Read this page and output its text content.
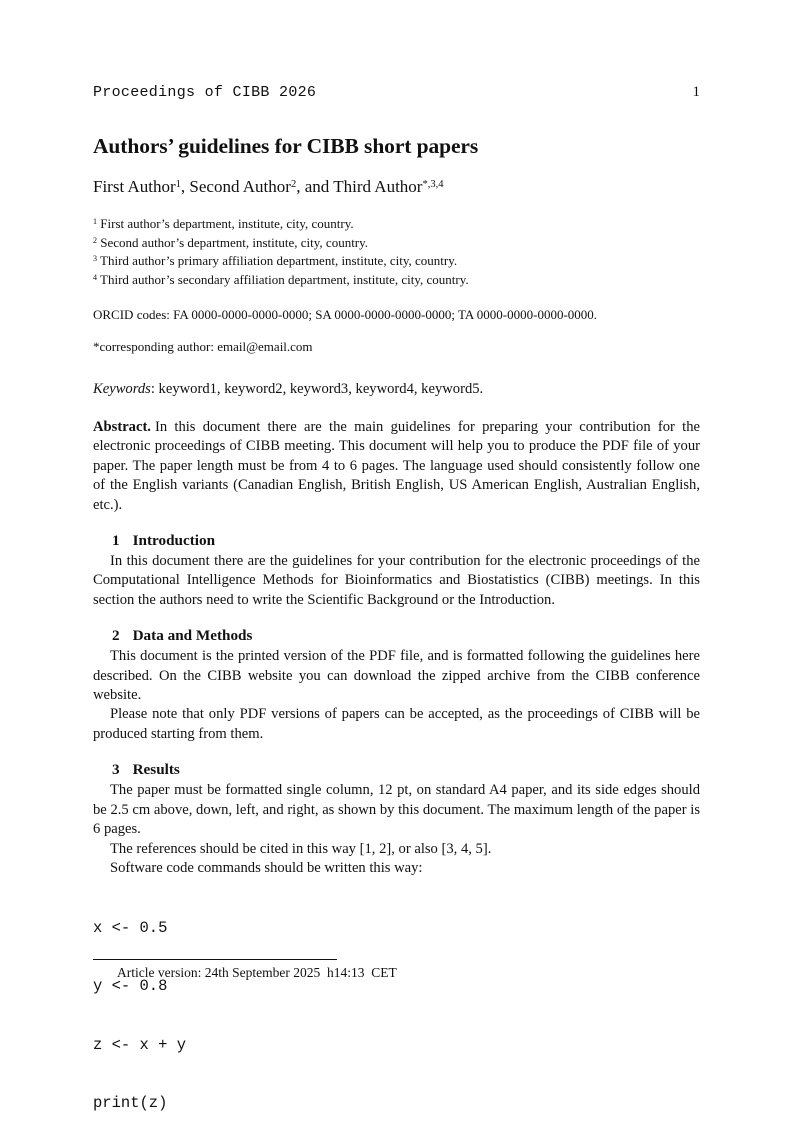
Proceedings of CIBB 2026	1
Authors’ guidelines for CIBB short papers
First Author$^1$, Second Author$^2$, and Third Author$^{*,3,4}$
$^1$ First author’s department, institute, city, country.
$^2$ Second author’s department, institute, city, country.
$^3$ Third author’s primary affiliation department, institute, city, country.
$^4$ Third author’s secondary affiliation department, institute, city, country.
ORCID codes: FA 0000-0000-0000-0000; SA 0000-0000-0000-0000; TA 0000-0000-0000-0000.
*corresponding author: email@email.com
Keywords: keyword1, keyword2, keyword3, keyword4, keyword5.
Abstract. In this document there are the main guidelines for preparing your contribution for the electronic proceedings of CIBB meeting. This document will help you to produce the PDF file of your paper. The paper length must be from 4 to 6 pages. The language used should consistently follow one of the English variants (Canadian English, British English, US American English, Australian English, etc.).
1 Introduction
In this document there are the guidelines for your contribution for the electronic proceedings of the Computational Intelligence Methods for Bioinformatics and Biostatistics (CIBB) meetings. In this section the authors need to write the Scientific Background or the Introduction.
2 Data and Methods
This document is the printed version of the PDF file, and is formatted following the guidelines here described. On the CIBB website you can download the zipped archive from the CIBB conference website.
Please note that only PDF versions of papers can be accepted, as the proceedings of CIBB will be produced starting from them.
3 Results
The paper must be formatted single column, 12 pt, on standard A4 paper, and its side edges should be 2.5 cm above, down, left, and right, as shown by this document. The maximum length of the paper is 6 pages.
The references should be cited in this way [1, 2], or also [3, 4, 5].
Software code commands should be written this way:

x <- 0.5

y <- 0.8

z <- x + y

print(z)

Article version: 24th September 2025  h14:13  CET
